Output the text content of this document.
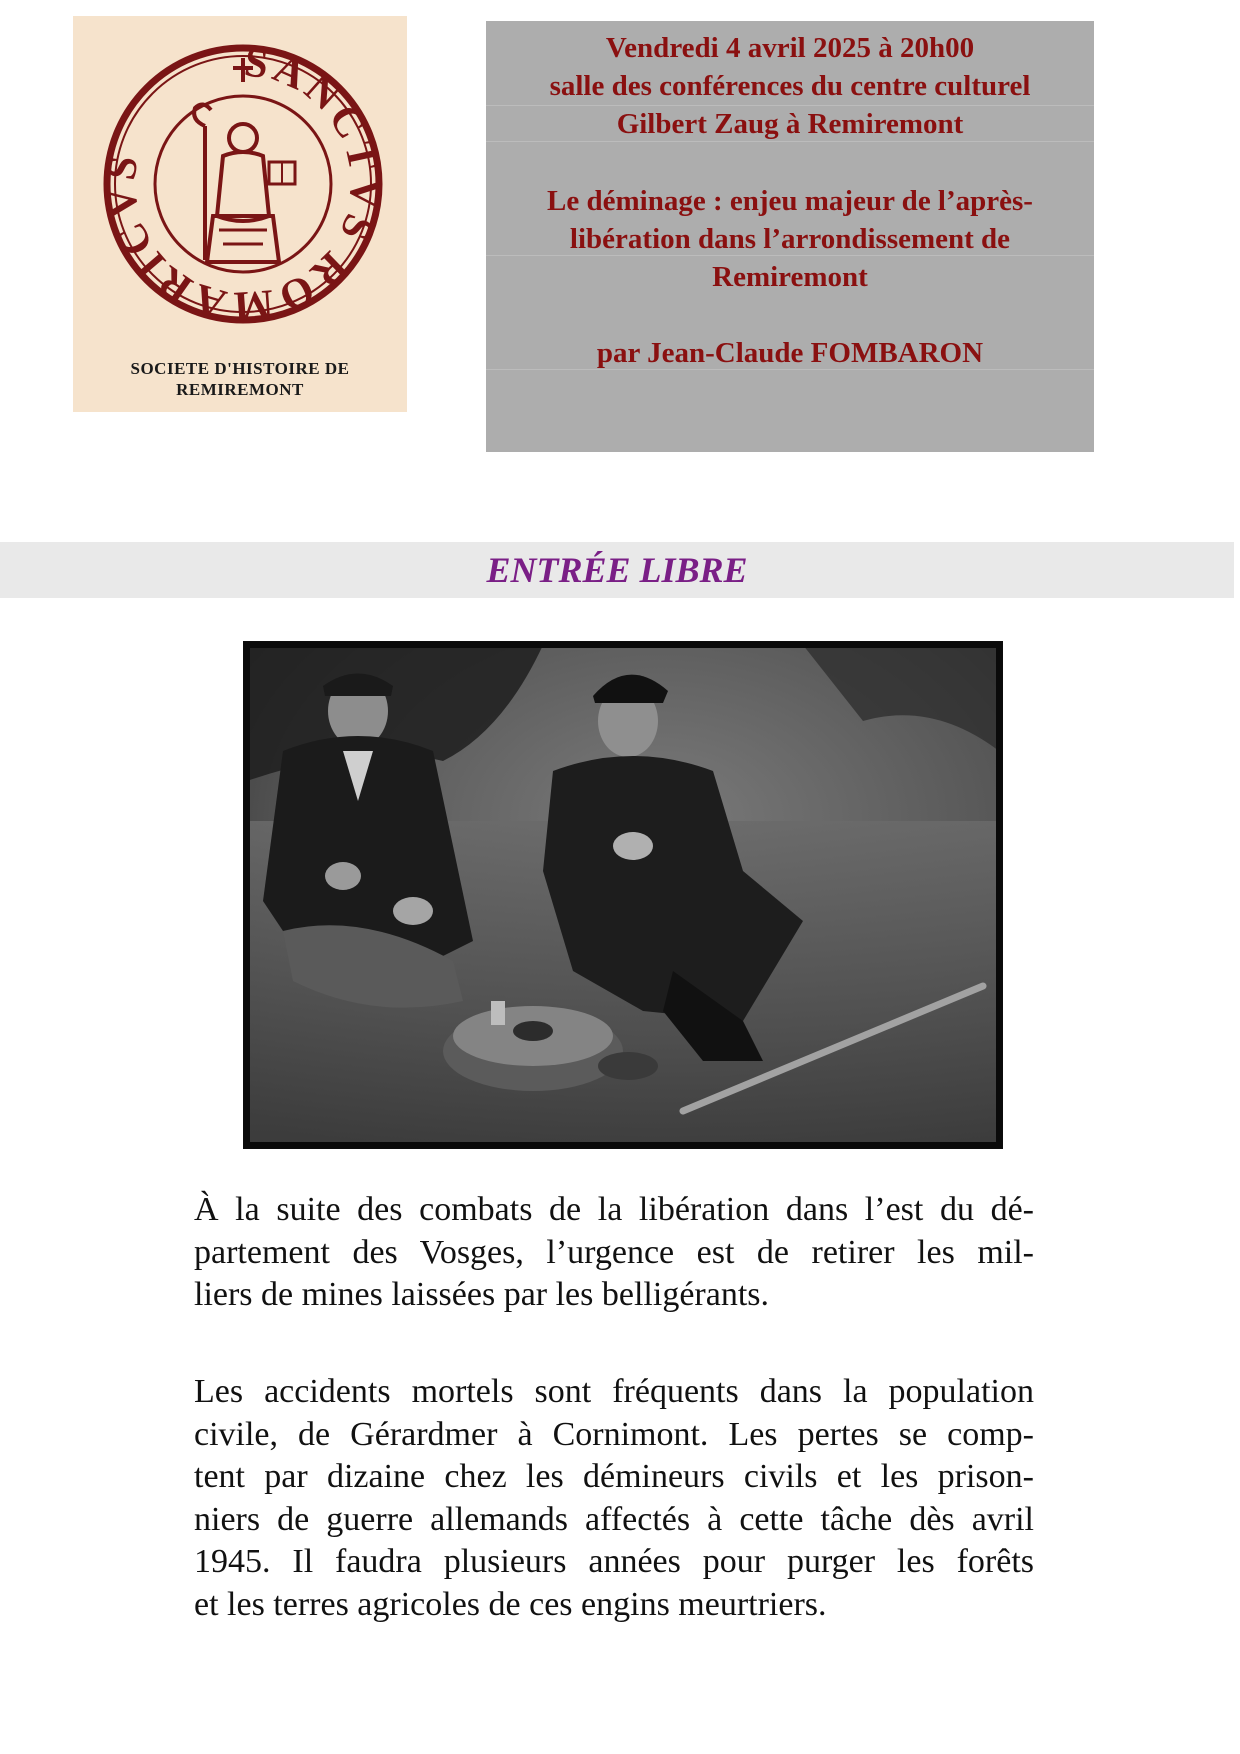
SANCTVS ROMARICVS
SOCIETE D'HISTOIRE DE
REMIREMONT
Vendredi 4 avril 2025 à 20h00
salle des conférences du centre culturel
Gilbert Zaug à Remiremont
Le déminage : enjeu majeur de l’après-
libération dans l’arrondissement de
Remiremont
par Jean-Claude FOMBARON
ENTRÉE LIBRE
À la suite des combats de la libération dans l’est du dé-
partement des Vosges, l’urgence est de retirer les mil-
liers de mines laissées par les belligérants.
Les accidents mortels sont fréquents dans la population
civile, de Gérardmer à Cornimont. Les pertes se comp-
tent par dizaine chez les démineurs civils et les prison-
niers de guerre allemands affectés à cette tâche dès avril
1945. Il faudra plusieurs années pour purger les forêts
et les terres agricoles de ces engins meurtriers.
